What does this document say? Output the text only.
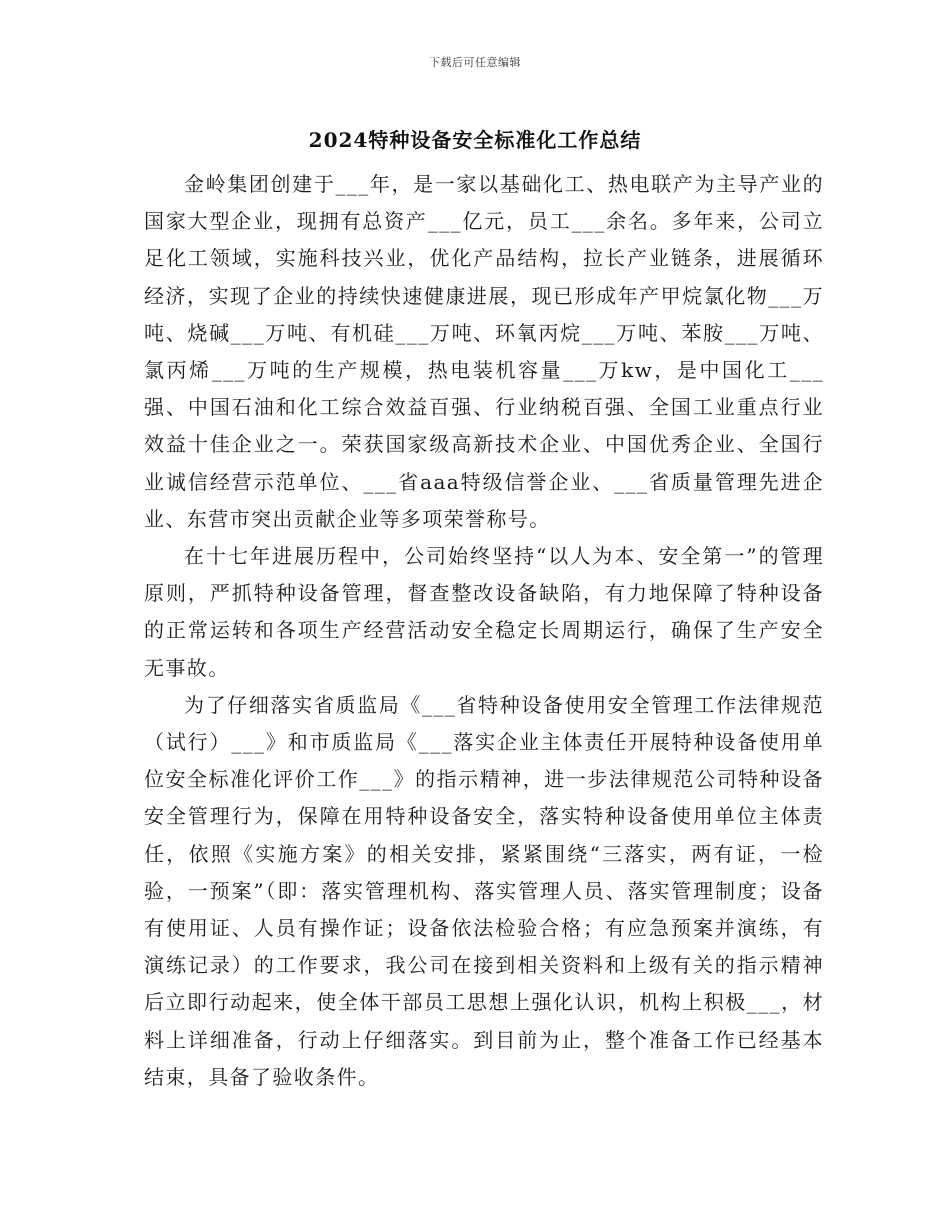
下载后可任意编辑
2024特种设备安全标准化工作总结

金岭集团创建于___年，是一家以基础化工、热电联产为主导产业的国家大型企业，现拥有总资产___亿元，员工___余名。多年来，公司立足化工领域，实施科技兴业，优化产品结构，拉长产业链条，进展循环经济，实现了企业的持续快速健康进展，现已形成年产甲烷氯化物___万吨、烧碱___万吨、有机硅___万吨、环氧丙烷___万吨、苯胺___万吨、氯丙烯___万吨的生产规模，热电装机容量___万kw，是中国化工___强、中国石油和化工综合效益百强、行业纳税百强、全国工业重点行业效益十佳企业之一。荣获国家级高新技术企业、中国优秀企业、全国行业诚信经营示范单位、___省aaa特级信誉企业、___省质量管理先进企业、东营市突出贡献企业等多项荣誉称号。

在十七年进展历程中，公司始终坚持“以人为本、安全第一”的管理原则，严抓特种设备管理，督查整改设备缺陷，有力地保障了特种设备的正常运转和各项生产经营活动安全稳定长周期运行，确保了生产安全无事故。

为了仔细落实省质监局《___省特种设备使用安全管理工作法律规范（试行）___》和市质监局《___落实企业主体责任开展特种设备使用单位安全标准化评价工作___》的指示精神，进一步法律规范公司特种设备安全管理行为，保障在用特种设备安全，落实特种设备使用单位主体责任，依照《实施方案》的相关安排，紧紧围绕“三落实，两有证，一检验，一预案”（即：落实管理机构、落实管理人员、落实管理制度；设备有使用证、人员有操作证；设备依法检验合格；有应急预案并演练，有演练记录）的工作要求，我公司在接到相关资料和上级有关的指示精神后立即行动起来，使全体干部员工思想上强化认识，机构上积极___，材料上详细准备，行动上仔细落实。到目前为止，整个准备工作已经基本结束，具备了验收条件。
